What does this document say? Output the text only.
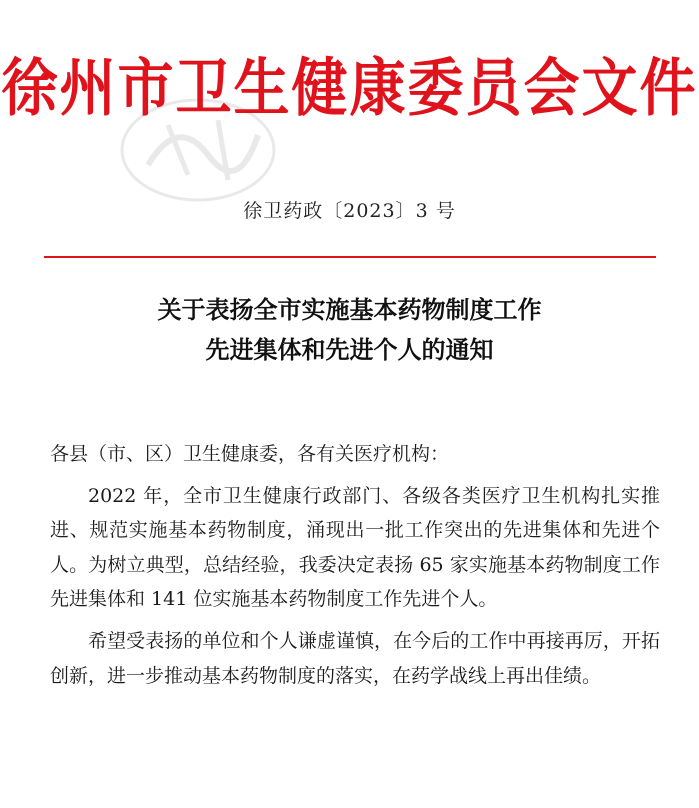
徐州市卫生健康委员会文件
徐卫药政〔2023〕3 号
关于表扬全市实施基本药物制度工作
先进集体和先进个人的通知

各县（市、区）卫生健康委，各有关医疗机构：

2022 年，全市卫生健康行政部门、各级各类医疗卫生机构扎实推进、规范实施基本药物制度，涌现出一批工作突出的先进集体和先进个人。为树立典型，总结经验，我委决定表扬 65 家实施基本药物制度工作先进集体和 141 位实施基本药物制度工作先进个人。

希望受表扬的单位和个人谦虚谨慎，在今后的工作中再接再厉，开拓创新，进一步推动基本药物制度的落实，在药学战线上再出佳绩。
